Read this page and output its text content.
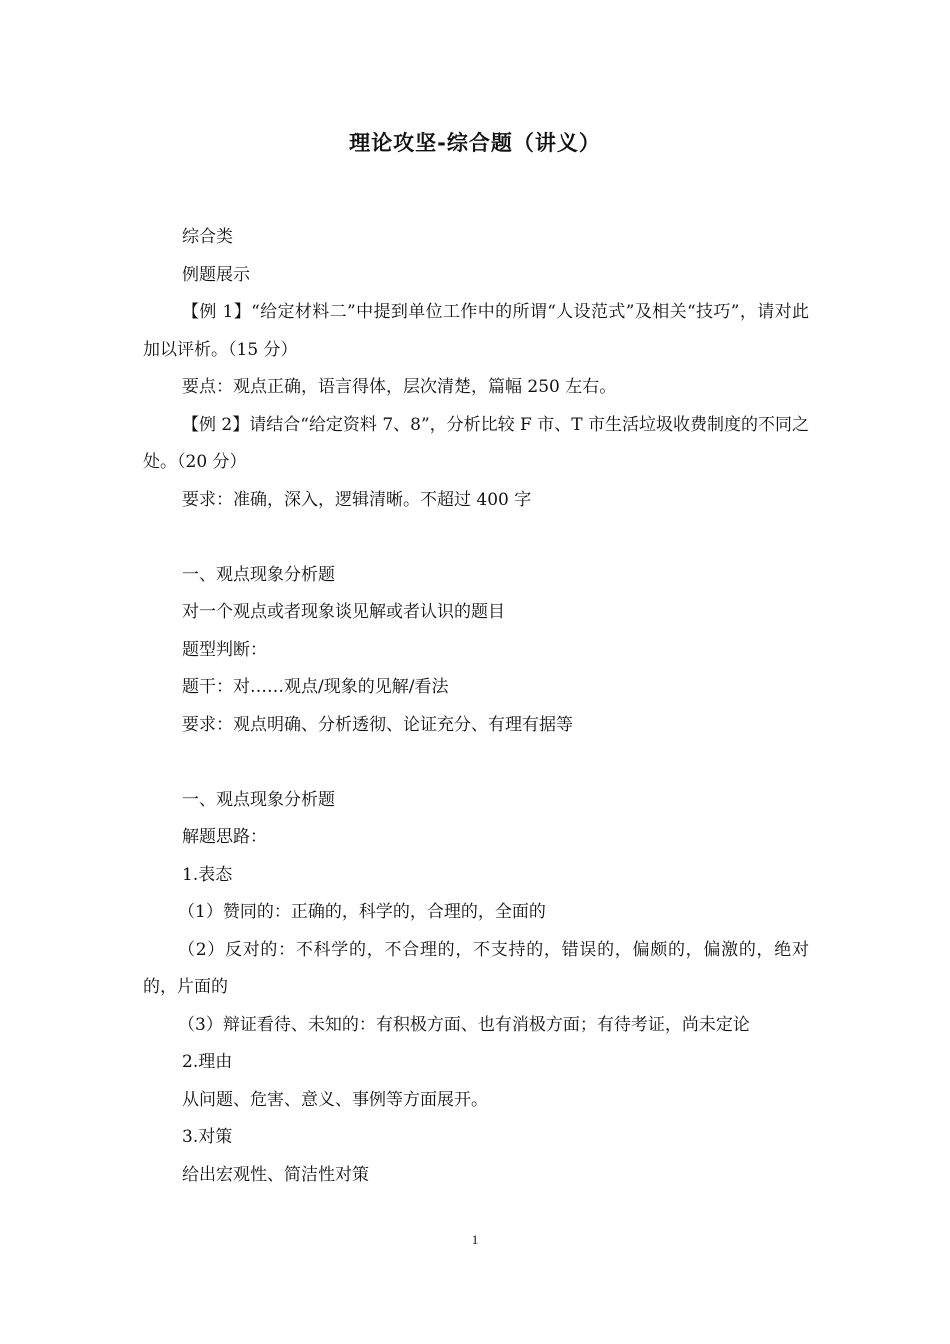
理论攻坚-综合题（讲义）

综合类

例题展示

【例 1】“给定材料二”中提到单位工作中的所谓“人设范式”及相关“技巧”，请对此加以评析。（15 分）

要点：观点正确，语言得体，层次清楚，篇幅 250 左右。

【例 2】请结合“给定资料 7、8”，分析比较 F 市、T 市生活垃圾收费制度的不同之处。（20 分）

要求：准确，深入，逻辑清晰。不超过 400 字

一、观点现象分析题

对一个观点或者现象谈见解或者认识的题目

题型判断：

题干：对……观点/现象的见解/看法

要求：观点明确、分析透彻、论证充分、有理有据等

一、观点现象分析题

解题思路：

1.表态

（1）赞同的：正确的，科学的，合理的，全面的

（2）反对的：不科学的，不合理的，不支持的，错误的，偏颇的，偏激的，绝对的，片面的

（3）辩证看待、未知的：有积极方面、也有消极方面；有待考证，尚未定论

2.理由

从问题、危害、意义、事例等方面展开。

3.对策

给出宏观性、简洁性对策

1
